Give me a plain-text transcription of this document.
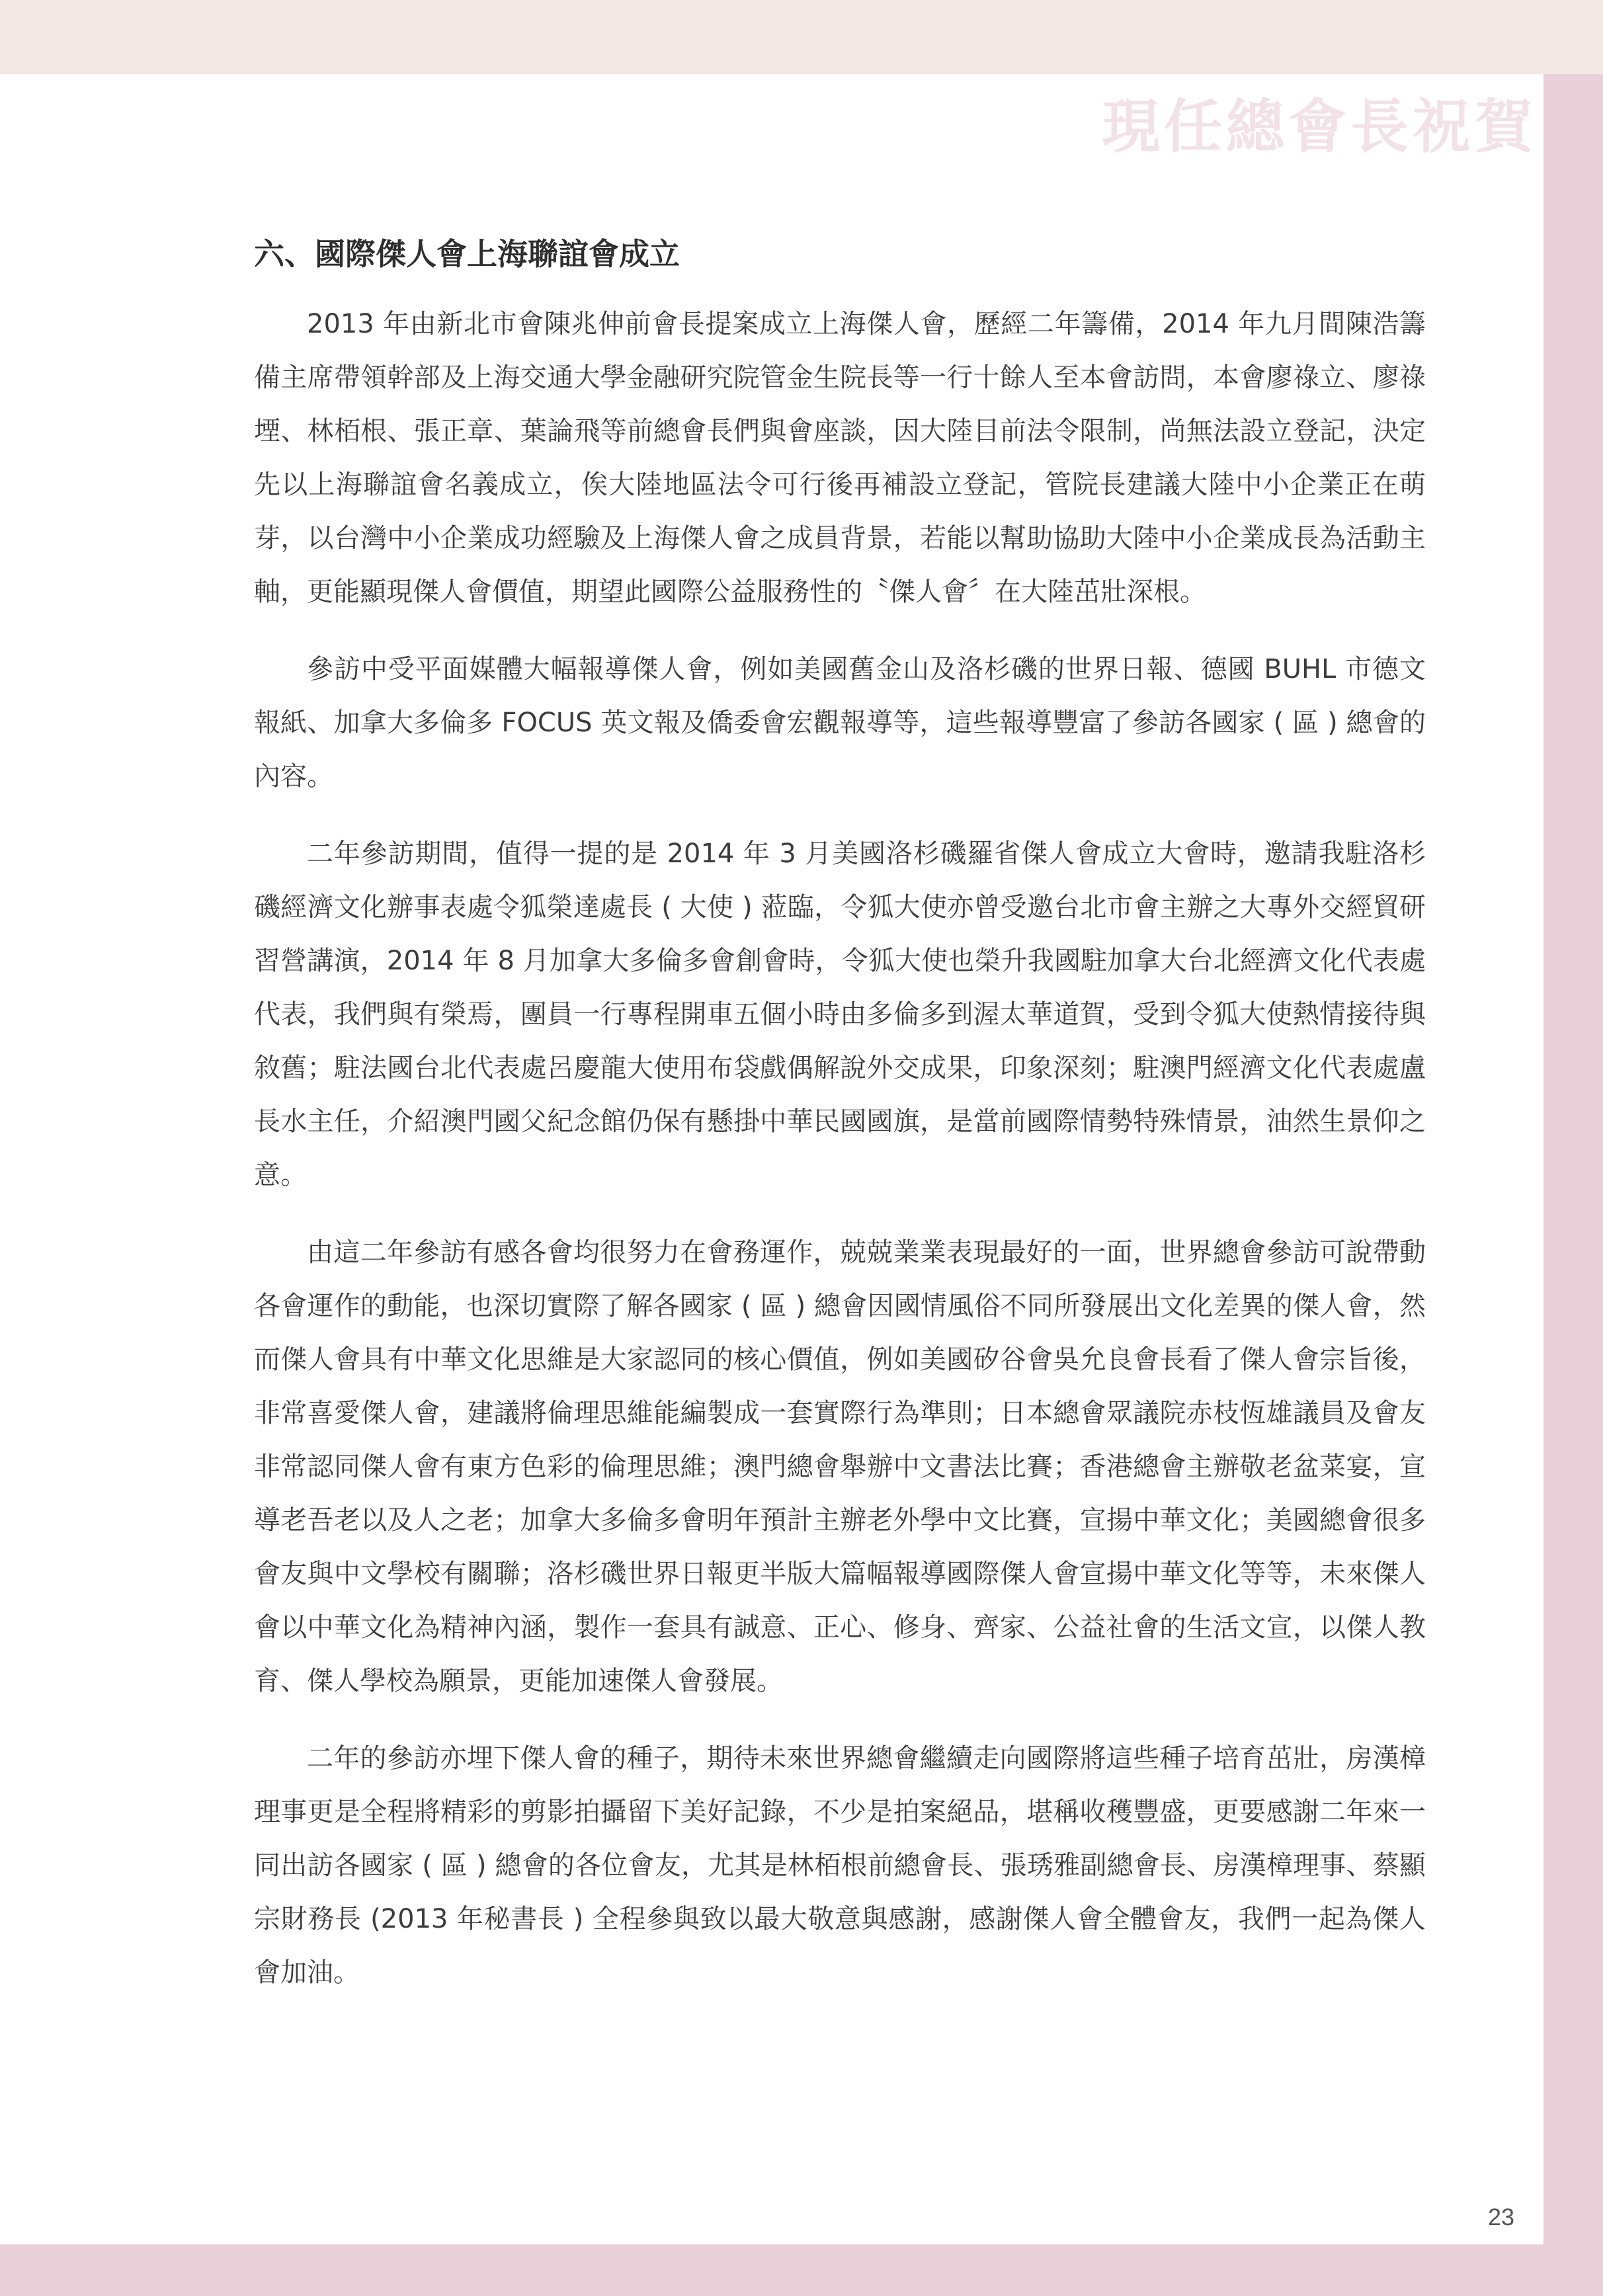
現任總會長祝賀
六、國際傑人會上海聯誼會成立

2013 年由新北市會陳兆伸前會長提案成立上海傑人會，歷經二年籌備，2014 年九月間陳浩籌備主席帶領幹部及上海交通大學金融研究院管金生院長等一行十餘人至本會訪問，本會廖祿立、廖祿堙、林栢根、張正章、葉論飛等前總會長們與會座談，因大陸目前法令限制，尚無法設立登記，決定先以上海聯誼會名義成立，俟大陸地區法令可行後再補設立登記，管院長建議大陸中小企業正在萌芽，以台灣中小企業成功經驗及上海傑人會之成員背景，若能以幫助協助大陸中小企業成長為活動主軸，更能顯現傑人會價值，期望此國際公益服務性的〝傑人會〞在大陸茁壯深根。

參訪中受平面媒體大幅報導傑人會，例如美國舊金山及洛杉磯的世界日報、德國 BUHL 市德文報紙、加拿大多倫多 FOCUS 英文報及僑委會宏觀報導等，這些報導豐富了參訪各國家 ( 區 ) 總會的內容。

二年參訪期間，值得一提的是 2014 年 3 月美國洛杉磯羅省傑人會成立大會時，邀請我駐洛杉磯經濟文化辦事表處令狐榮達處長 ( 大使 ) 蒞臨，令狐大使亦曾受邀台北市會主辦之大專外交經貿研習營講演，2014 年 8 月加拿大多倫多會創會時，令狐大使也榮升我國駐加拿大台北經濟文化代表處代表，我們與有榮焉，團員一行專程開車五個小時由多倫多到渥太華道賀，受到令狐大使熱情接待與敘舊；駐法國台北代表處呂慶龍大使用布袋戲偶解說外交成果，印象深刻；駐澳門經濟文化代表處盧長水主任，介紹澳門國父紀念館仍保有懸掛中華民國國旗，是當前國際情勢特殊情景，油然生景仰之意。

由這二年參訪有感各會均很努力在會務運作，兢兢業業表現最好的一面，世界總會參訪可說帶動各會運作的動能，也深切實際了解各國家 ( 區 ) 總會因國情風俗不同所發展出文化差異的傑人會，然而傑人會具有中華文化思維是大家認同的核心價值，例如美國矽谷會吳允良會長看了傑人會宗旨後，非常喜愛傑人會，建議將倫理思維能編製成一套實際行為準則；日本總會眾議院赤枝恆雄議員及會友非常認同傑人會有東方色彩的倫理思維；澳門總會舉辦中文書法比賽；香港總會主辦敬老盆菜宴，宣導老吾老以及人之老；加拿大多倫多會明年預計主辦老外學中文比賽，宣揚中華文化；美國總會很多會友與中文學校有關聯；洛杉磯世界日報更半版大篇幅報導國際傑人會宣揚中華文化等等，未來傑人會以中華文化為精神內涵，製作一套具有誠意、正心、修身、齊家、公益社會的生活文宣，以傑人教育、傑人學校為願景，更能加速傑人會發展。

二年的參訪亦埋下傑人會的種子，期待未來世界總會繼續走向國際將這些種子培育茁壯，房漢樟理事更是全程將精彩的剪影拍攝留下美好記錄，不少是拍案絕品，堪稱收穫豐盛，更要感謝二年來一同出訪各國家 ( 區 ) 總會的各位會友，尤其是林栢根前總會長、張琇雅副總會長、房漢樟理事、蔡顯宗財務長 (2013 年秘書長 ) 全程參與致以最大敬意與感謝，感謝傑人會全體會友，我們一起為傑人會加油。

23
